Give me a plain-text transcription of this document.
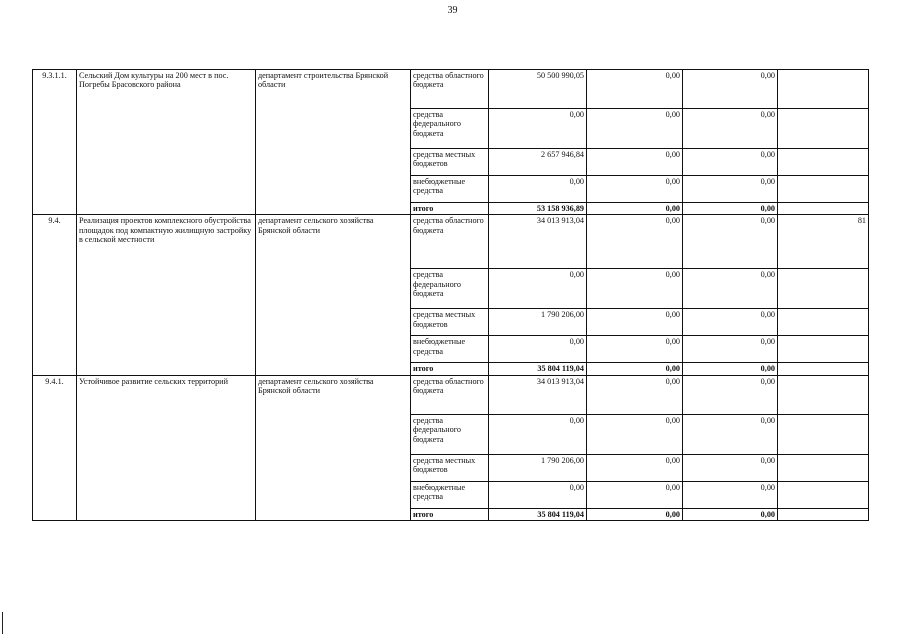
39
9.3.1.1.	Сельский Дом культуры на 200 мест в пос. Погребы Брасовского района	департамент строительства Брянской области	средства областного бюджета	50 500 990,05	0,00	0,00	
			средства федерального бюджета	0,00	0,00	0,00	
			средства местных бюджетов	2 657 946,84	0,00	0,00	
			внебюджетные средства	0,00	0,00	0,00	
			итого	53 158 936,89	0,00	0,00	
9.4.	Реализация проектов комплексного обустройства площадок под компактную жилищную застройку в сельской местности	департамент сельского хозяйства Брянской области	средства областного бюджета	34 013 913,04	0,00	0,00	81
			средства федерального бюджета	0,00	0,00	0,00	
			средства местных бюджетов	1 790 206,00	0,00	0,00	
			внебюджетные средства	0,00	0,00	0,00	
			итого	35 804 119,04	0,00	0,00	
9.4.1.	Устойчивое развитие сельских территорий	департамент сельского хозяйства Брянской области	средства областного бюджета	34 013 913,04	0,00	0,00	
			средства федерального бюджета	0,00	0,00	0,00	
			средства местных бюджетов	1 790 206,00	0,00	0,00	
			внебюджетные средства	0,00	0,00	0,00	
			итого	35 804 119,04	0,00	0,00	
